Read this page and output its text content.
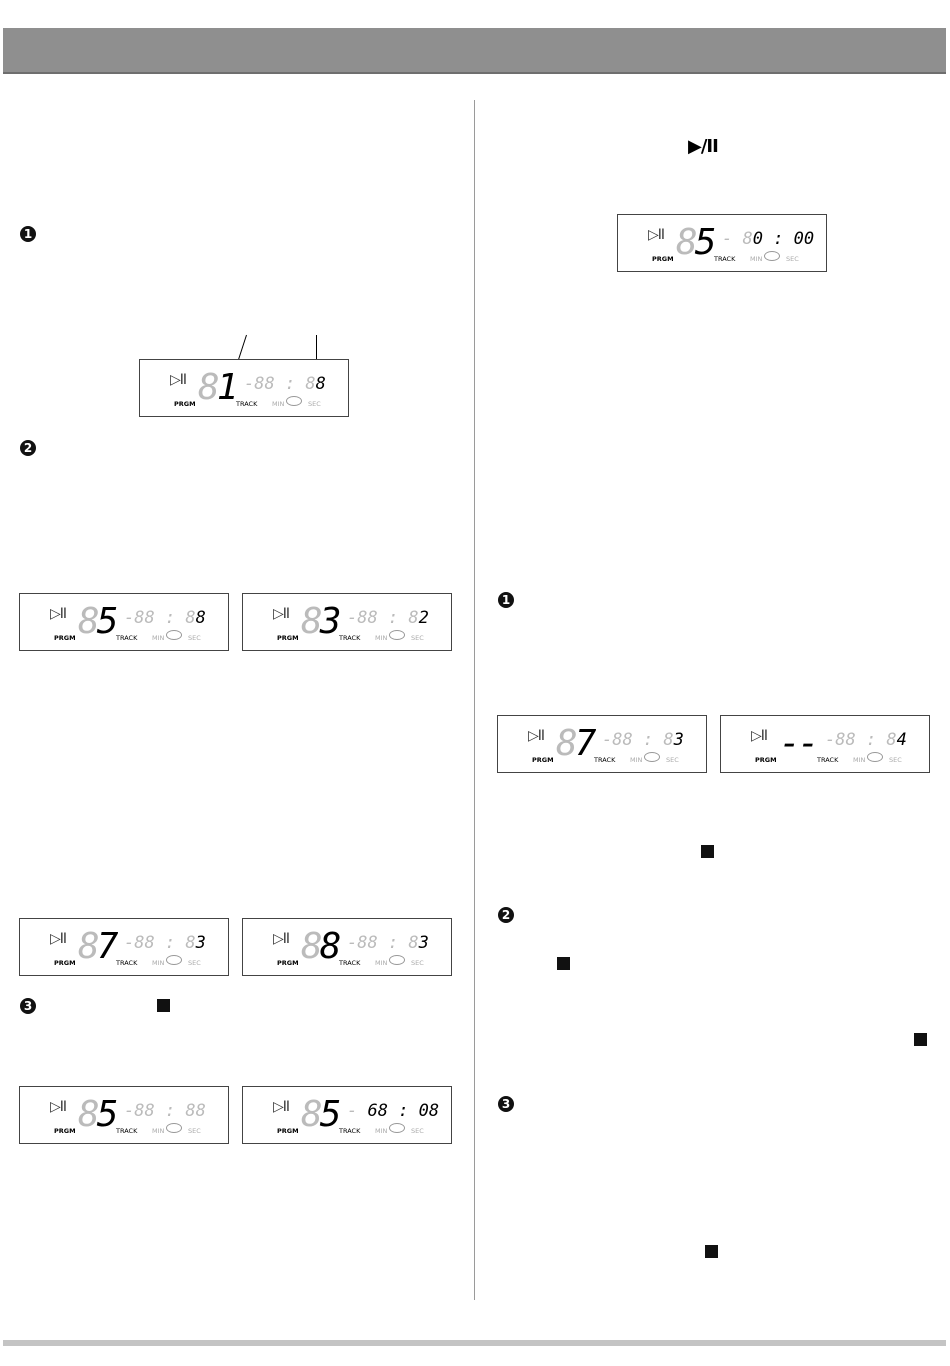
1
2
3
▶/II
1
2
3
▷II
PRGM 81 TRACK
-88 : 88
MIN	SEC
▷II
PRGM 85 TRACK
-88 : 88
MIN	SEC
▷II
PRGM 83 TRACK
-88 : 82
MIN	SEC
▷II
PRGM 87 TRACK
-88 : 83
MIN	SEC
▷II
PRGM 88 TRACK
-88 : 83
MIN	SEC
▷II
PRGM 85 TRACK
-88 : 88
MIN	SEC
▷II
PRGM 85 TRACK
- 68 : 08
MIN	SEC
▷II
PRGM 85 TRACK
- 80 : 00
MIN	SEC
▷II
PRGM 87 TRACK
-88 : 83
MIN	SEC
▷II
PRGM -- TRACK
-88 : 84
MIN	SEC
